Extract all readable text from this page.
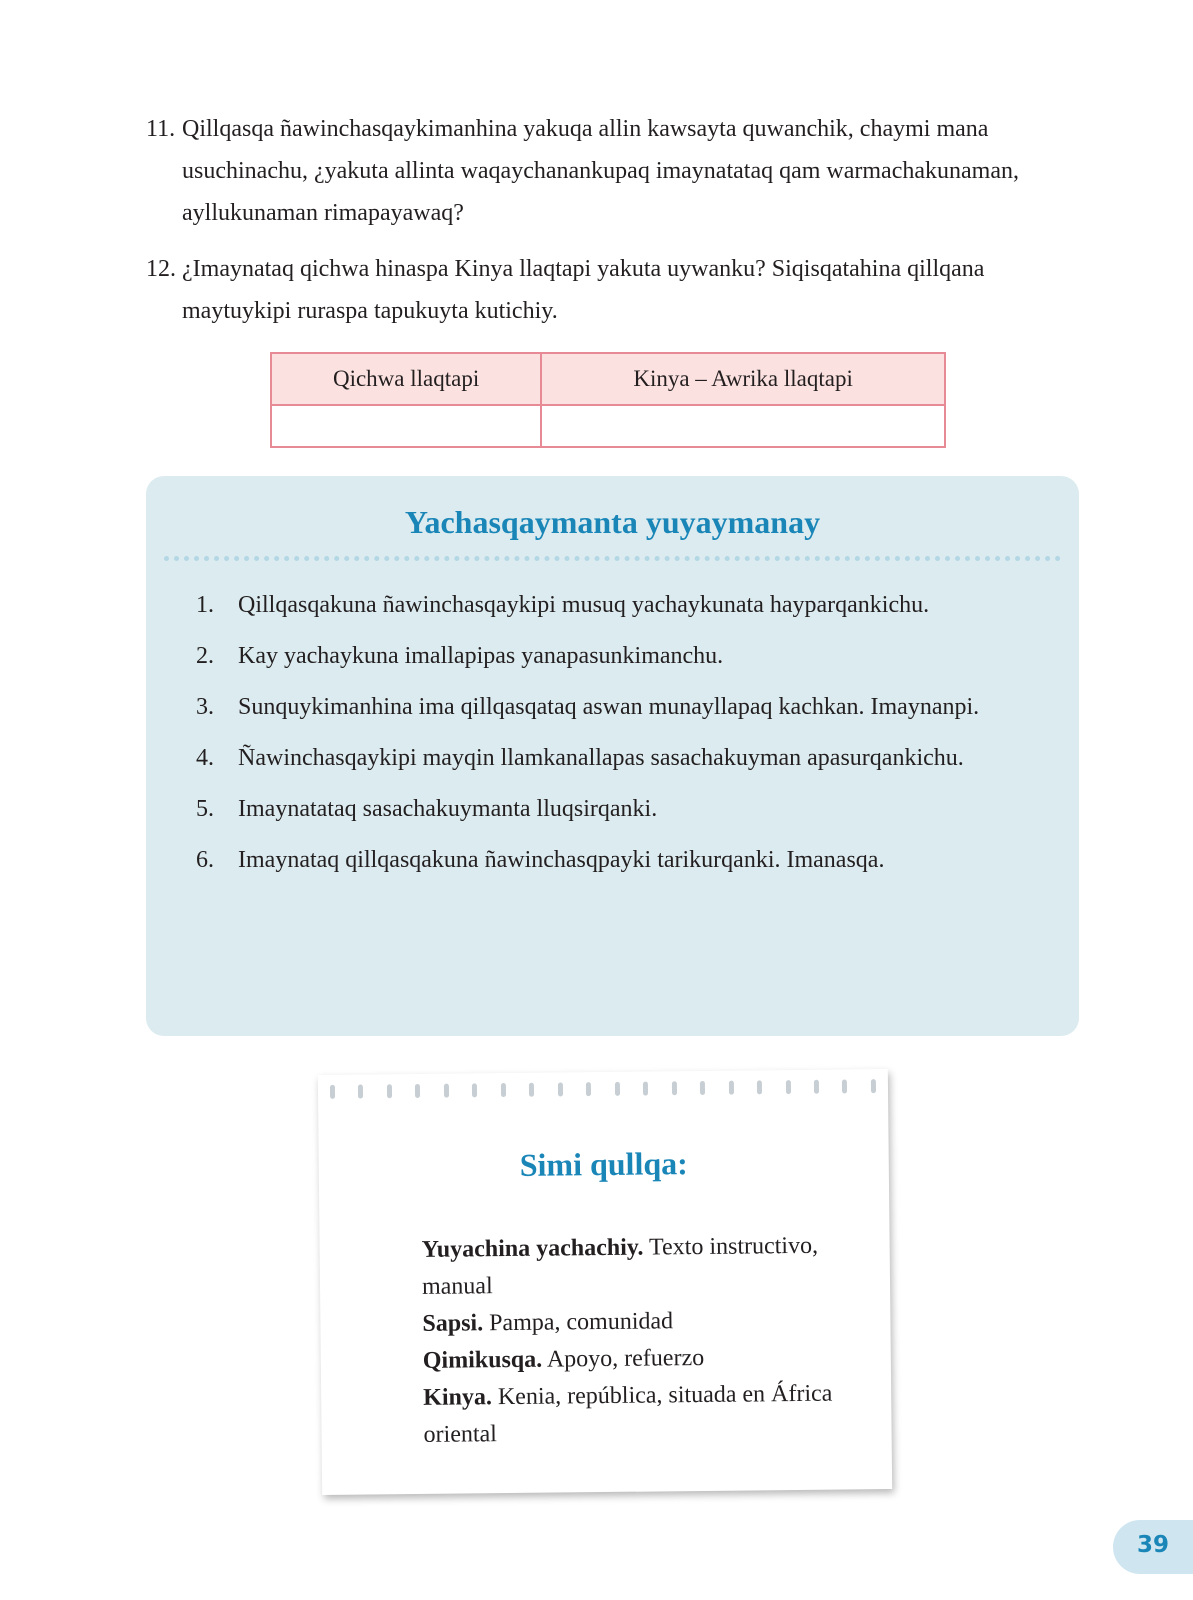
11. Qillqasqa ñawinchasqaykimanhina yakuqa allin kawsayta quwanchik, chaymi mana usuchinachu, ¿yakuta allinta waqaychanankupaq imaynatataq qam warmachakunaman, ayllukunaman rimapayawaq?
12. ¿Imaynataq qichwa hinaspa Kinya llaqtapi yakuta uywanku? Siqisqatahina qillqana maytuykipi ruraspa tapukuyta kutichiy.
Qichwa llaqtapi	Kinya – Awrika llaqtapi

Yachasqaymanta yuyaymanay
1. Qillqasqakuna ñawinchasqaykipi musuq yachaykunata hayparqankichu.
2. Kay yachaykuna imallapipas yanapasunkimanchu.
3. Sunquykimanhina ima qillqasqataq aswan munayllapaq kachkan. Imaynanpi.
4. Ñawinchasqaykipi mayqin llamkanallapas sasachakuyman apasurqankichu.
5. Imaynatataq sasachakuymanta lluqsirqanki.
6. Imaynataq qillqasqakuna ñawinchasqpayki tarikurqanki. Imanasqa.
Simi qullqa:
Yuyachina yachachiy. Texto instructivo, manual
Sapsi. Pampa, comunidad
Qimikusqa. Apoyo, refuerzo
Kinya. Kenia, república, situada en África oriental
39
